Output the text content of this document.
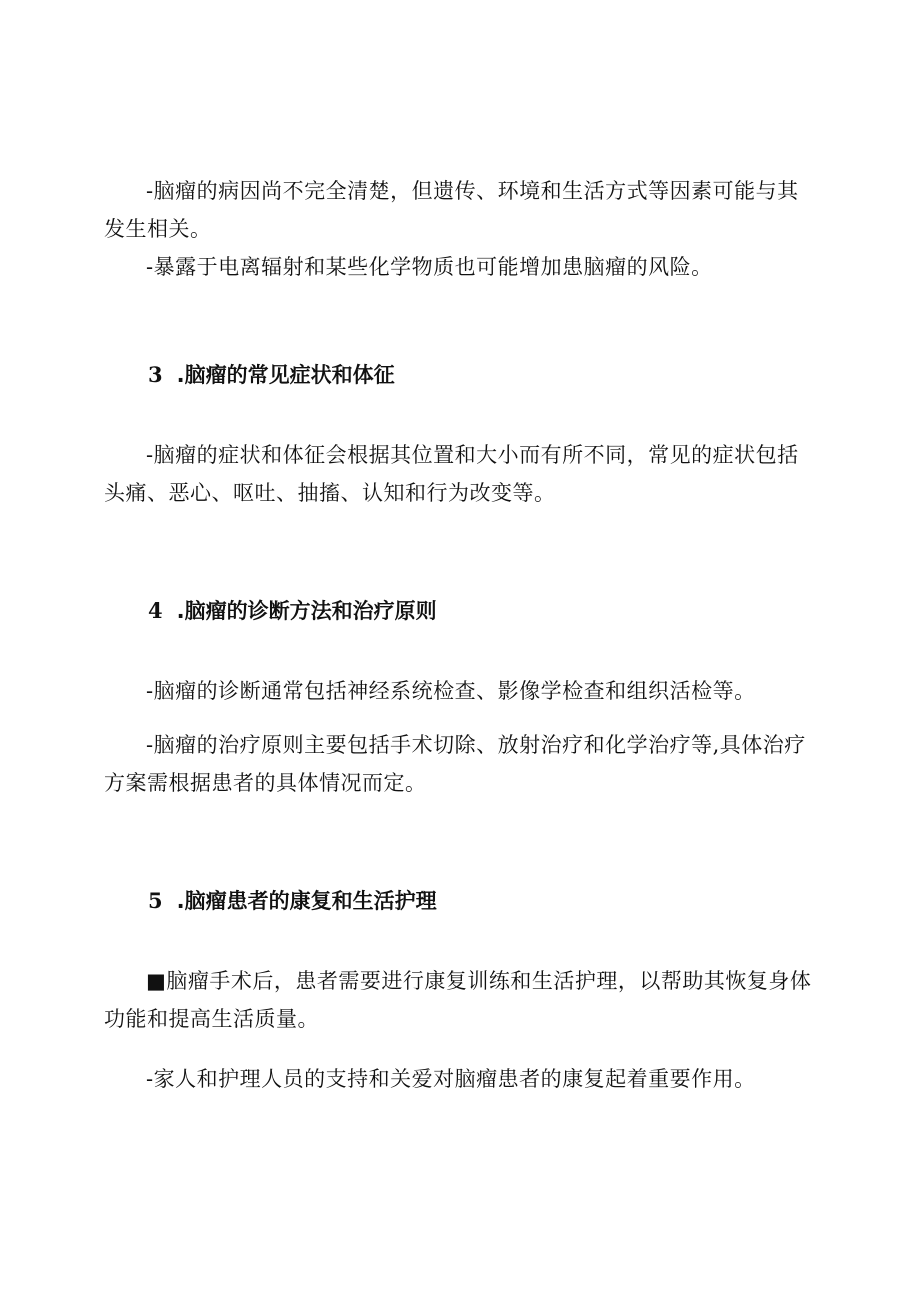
-脑瘤的病因尚不完全清楚，但遗传、环境和生活方式等因素可能与其发生相关。

-暴露于电离辐射和某些化学物质也可能增加患脑瘤的风险。

3 .脑瘤的常见症状和体征

-脑瘤的症状和体征会根据其位置和大小而有所不同，常见的症状包括头痛、恶心、呕吐、抽搐、认知和行为改变等。

4 .脑瘤的诊断方法和治疗原则

-脑瘤的诊断通常包括神经系统检查、影像学检查和组织活检等。

-脑瘤的治疗原则主要包括手术切除、放射治疗和化学治疗等,具体治疗方案需根据患者的具体情况而定。

5 .脑瘤患者的康复和生活护理

■脑瘤手术后，患者需要进行康复训练和生活护理，以帮助其恢复身体功能和提高生活质量。

-家人和护理人员的支持和关爱对脑瘤患者的康复起着重要作用。
